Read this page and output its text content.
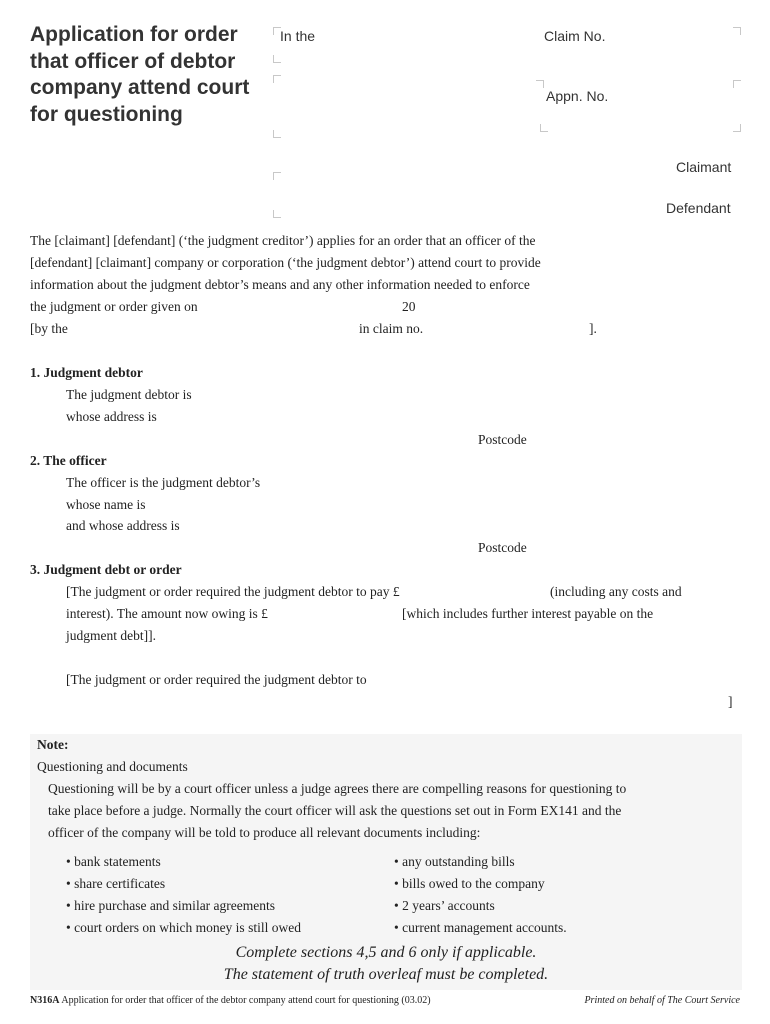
Application for order that officer of debtor company attend court for questioning
In the	Claim No.
Appn. No.
Claimant
Defendant
The [claimant] [defendant] (‘the judgment creditor’) applies for an order that an officer of the
[defendant] [claimant] company or corporation (‘the judgment debtor’) attend court to provide
information about the judgment debtor’s means and any other information needed to enforce
the judgment or order given on	20
[by the	in claim no.	].
1. Judgment debtor
The judgment debtor is
whose address is
Postcode
2. The officer
The officer is the judgment debtor’s
whose name is
and whose address is
Postcode
3. Judgment debt or order
[The judgment or order required the judgment debtor to pay £	(including any costs and
interest). The amount now owing is £	[which includes further interest payable on the
judgment debt]].
[The judgment or order required the judgment debtor to
]
Note:
Questioning and documents
Questioning will be by a court officer unless a judge agrees there are compelling reasons for questioning to
take place before a judge. Normally the court officer will ask the questions set out in Form EX141 and the
officer of the company will be told to produce all relevant documents including:
• bank statements
• share certificates
• hire purchase and similar agreements
• court orders on which money is still owed
• any outstanding bills
• bills owed to the company
• 2 years’ accounts
• current management accounts.
Complete sections 4,5 and 6 only if applicable.
The statement of truth overleaf must be completed.
N316A Application for order that officer of the debtor company attend court for questioning (03.02)	Printed on behalf of The Court Service
